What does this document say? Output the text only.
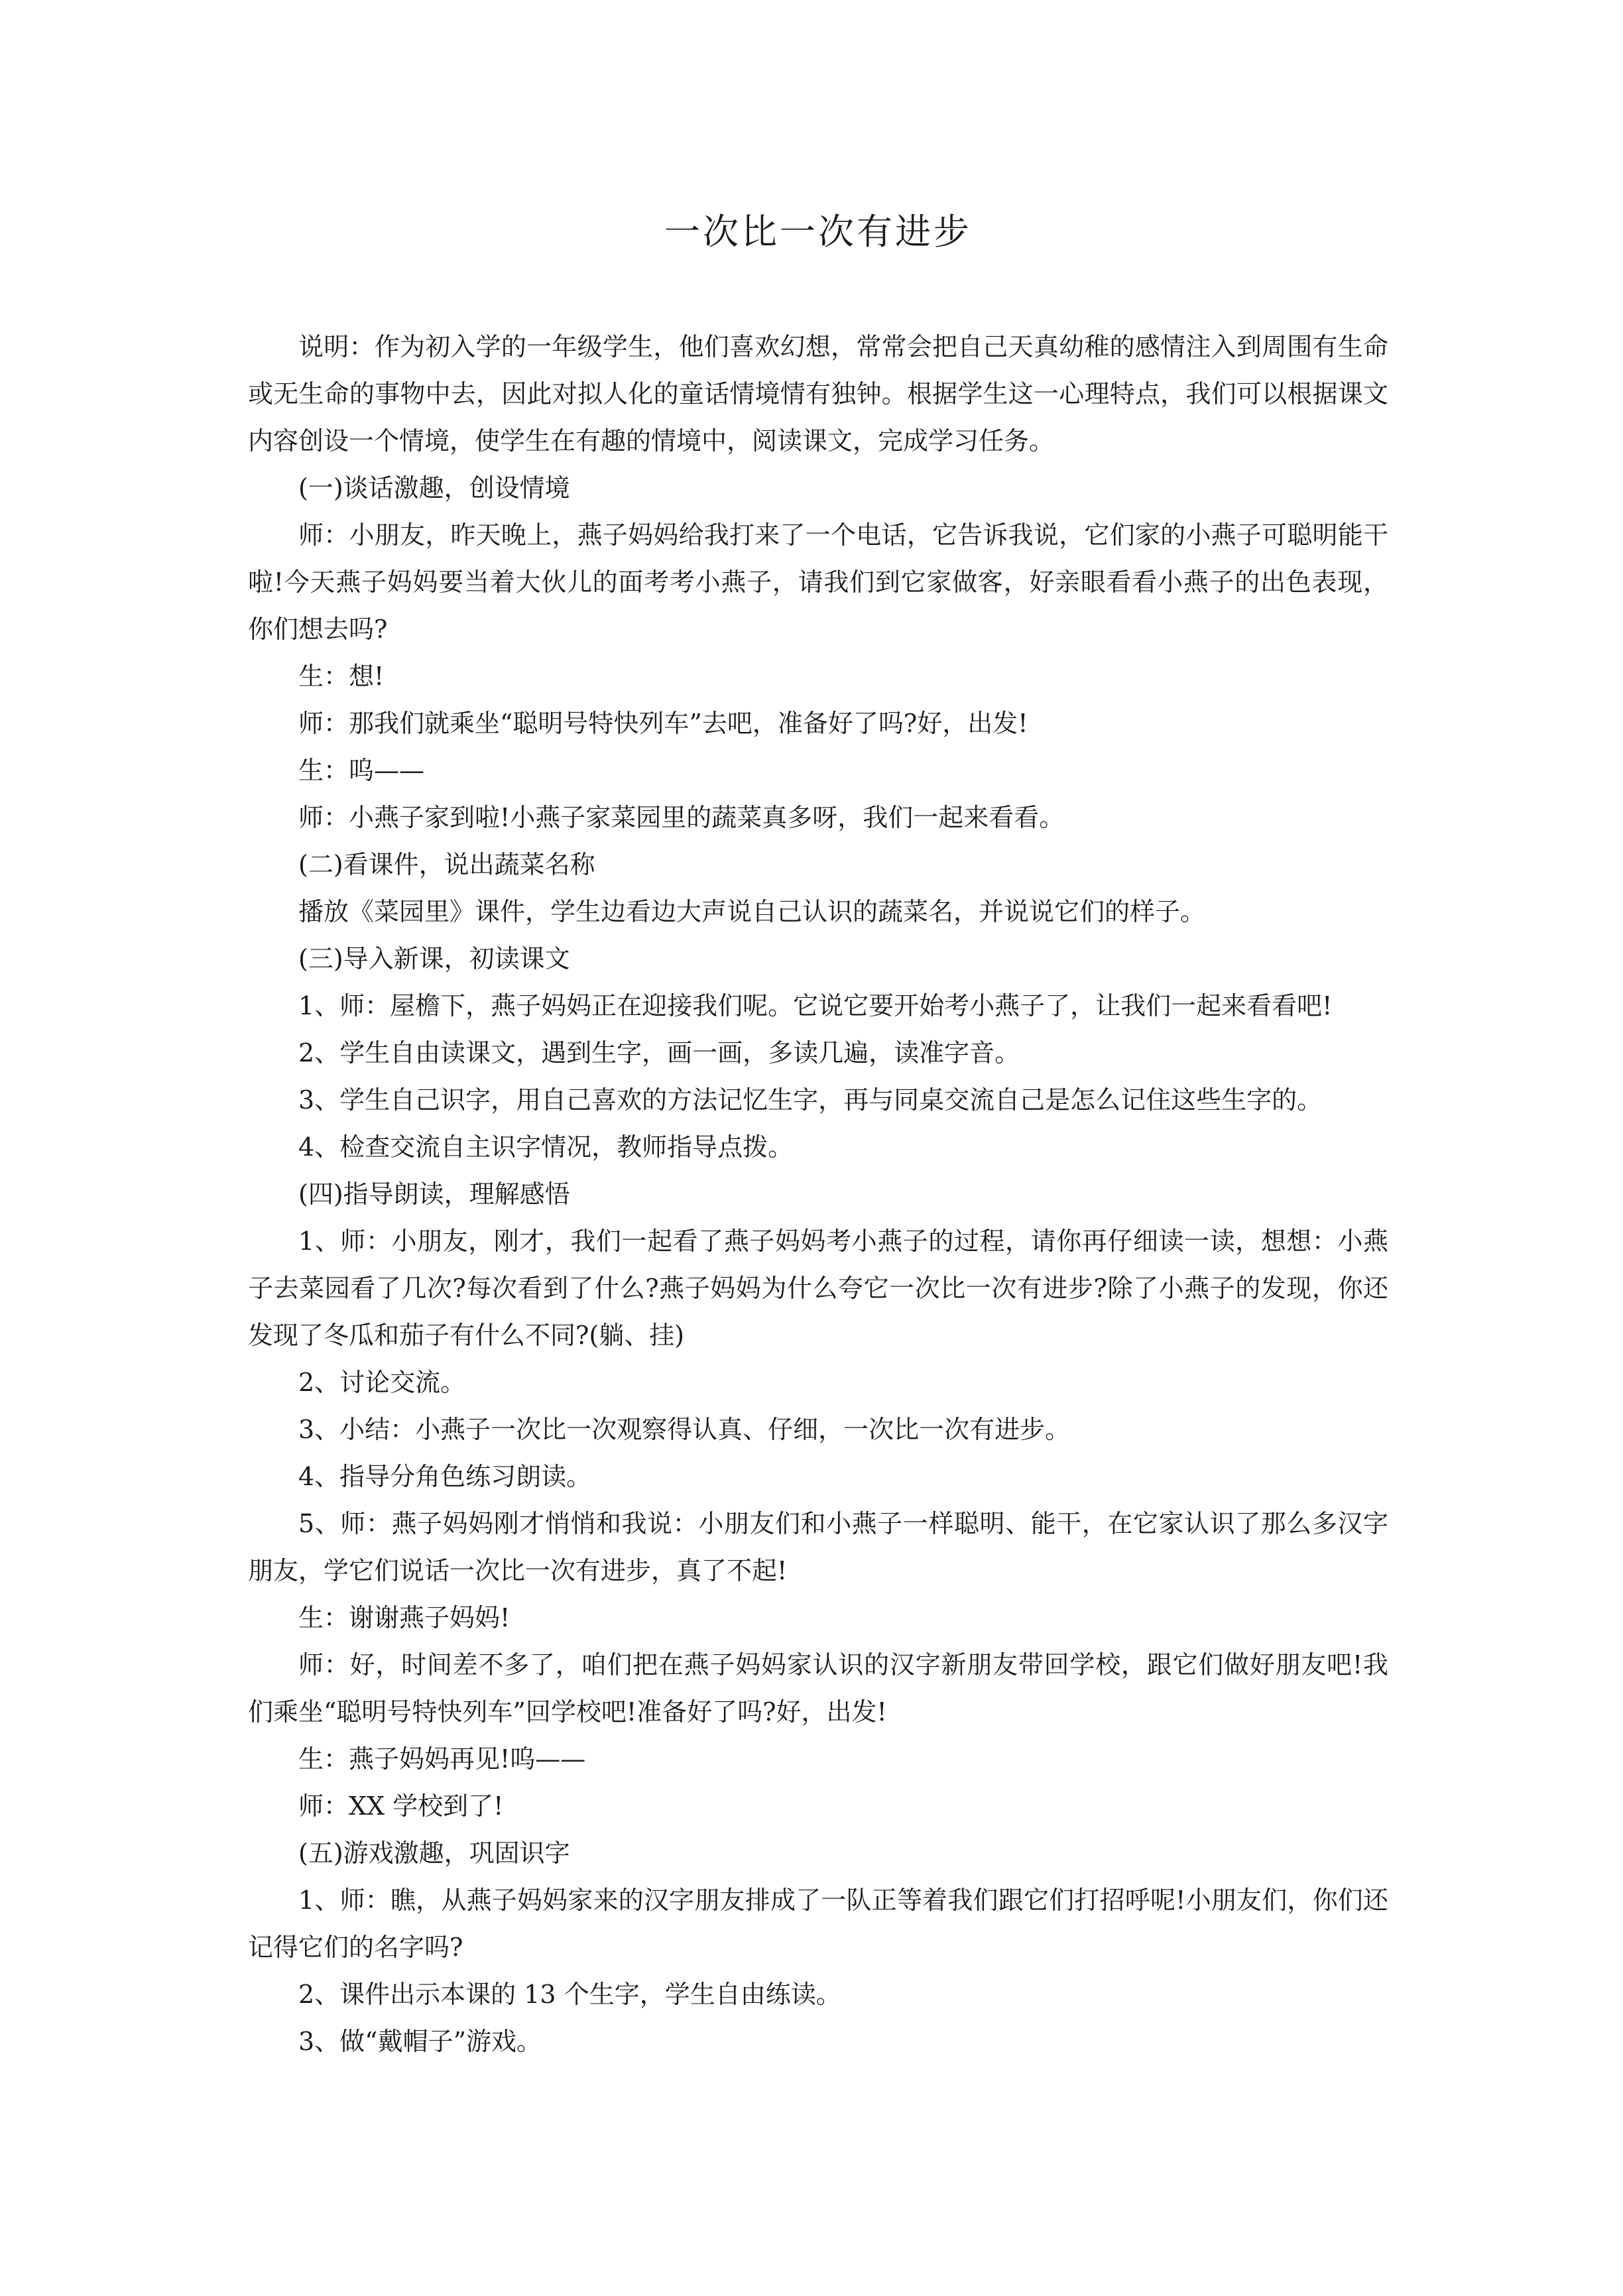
一次比一次有进步

说明：作为初入学的一年级学生，他们喜欢幻想，常常会把自己天真幼稚的感情注入到周围有生命或无生命的事物中去，因此对拟人化的童话情境情有独钟。根据学生这一心理特点，我们可以根据课文内容创设一个情境，使学生在有趣的情境中，阅读课文，完成学习任务。

(一)谈话激趣，创设情境

师：小朋友，昨天晚上，燕子妈妈给我打来了一个电话，它告诉我说，它们家的小燕子可聪明能干啦!今天燕子妈妈要当着大伙儿的面考考小燕子，请我们到它家做客，好亲眼看看小燕子的出色表现，你们想去吗?

生：想!

师：那我们就乘坐“聪明号特快列车”去吧，准备好了吗?好，出发!

生：呜——

师：小燕子家到啦!小燕子家菜园里的蔬菜真多呀，我们一起来看看。

(二)看课件，说出蔬菜名称

播放《菜园里》课件，学生边看边大声说自己认识的蔬菜名，并说说它们的样子。

(三)导入新课，初读课文

1、师：屋檐下，燕子妈妈正在迎接我们呢。它说它要开始考小燕子了，让我们一起来看看吧!

2、学生自由读课文，遇到生字，画一画，多读几遍，读准字音。

3、学生自己识字，用自己喜欢的方法记忆生字，再与同桌交流自己是怎么记住这些生字的。

4、检查交流自主识字情况，教师指导点拨。

(四)指导朗读，理解感悟

1、师：小朋友，刚才，我们一起看了燕子妈妈考小燕子的过程，请你再仔细读一读，想想：小燕子去菜园看了几次?每次看到了什么?燕子妈妈为什么夸它一次比一次有进步?除了小燕子的发现，你还发现了冬瓜和茄子有什么不同?(躺、挂)

2、讨论交流。

3、小结：小燕子一次比一次观察得认真、仔细，一次比一次有进步。

4、指导分角色练习朗读。

5、师：燕子妈妈刚才悄悄和我说：小朋友们和小燕子一样聪明、能干，在它家认识了那么多汉字朋友，学它们说话一次比一次有进步，真了不起!

生：谢谢燕子妈妈!

师：好，时间差不多了，咱们把在燕子妈妈家认识的汉字新朋友带回学校，跟它们做好朋友吧!我们乘坐“聪明号特快列车”回学校吧!准备好了吗?好，出发!

生：燕子妈妈再见!呜——

师：XX 学校到了!

(五)游戏激趣，巩固识字

1、师：瞧，从燕子妈妈家来的汉字朋友排成了一队正等着我们跟它们打招呼呢!小朋友们，你们还记得它们的名字吗?

2、课件出示本课的 13 个生字，学生自由练读。

3、做“戴帽子”游戏。
